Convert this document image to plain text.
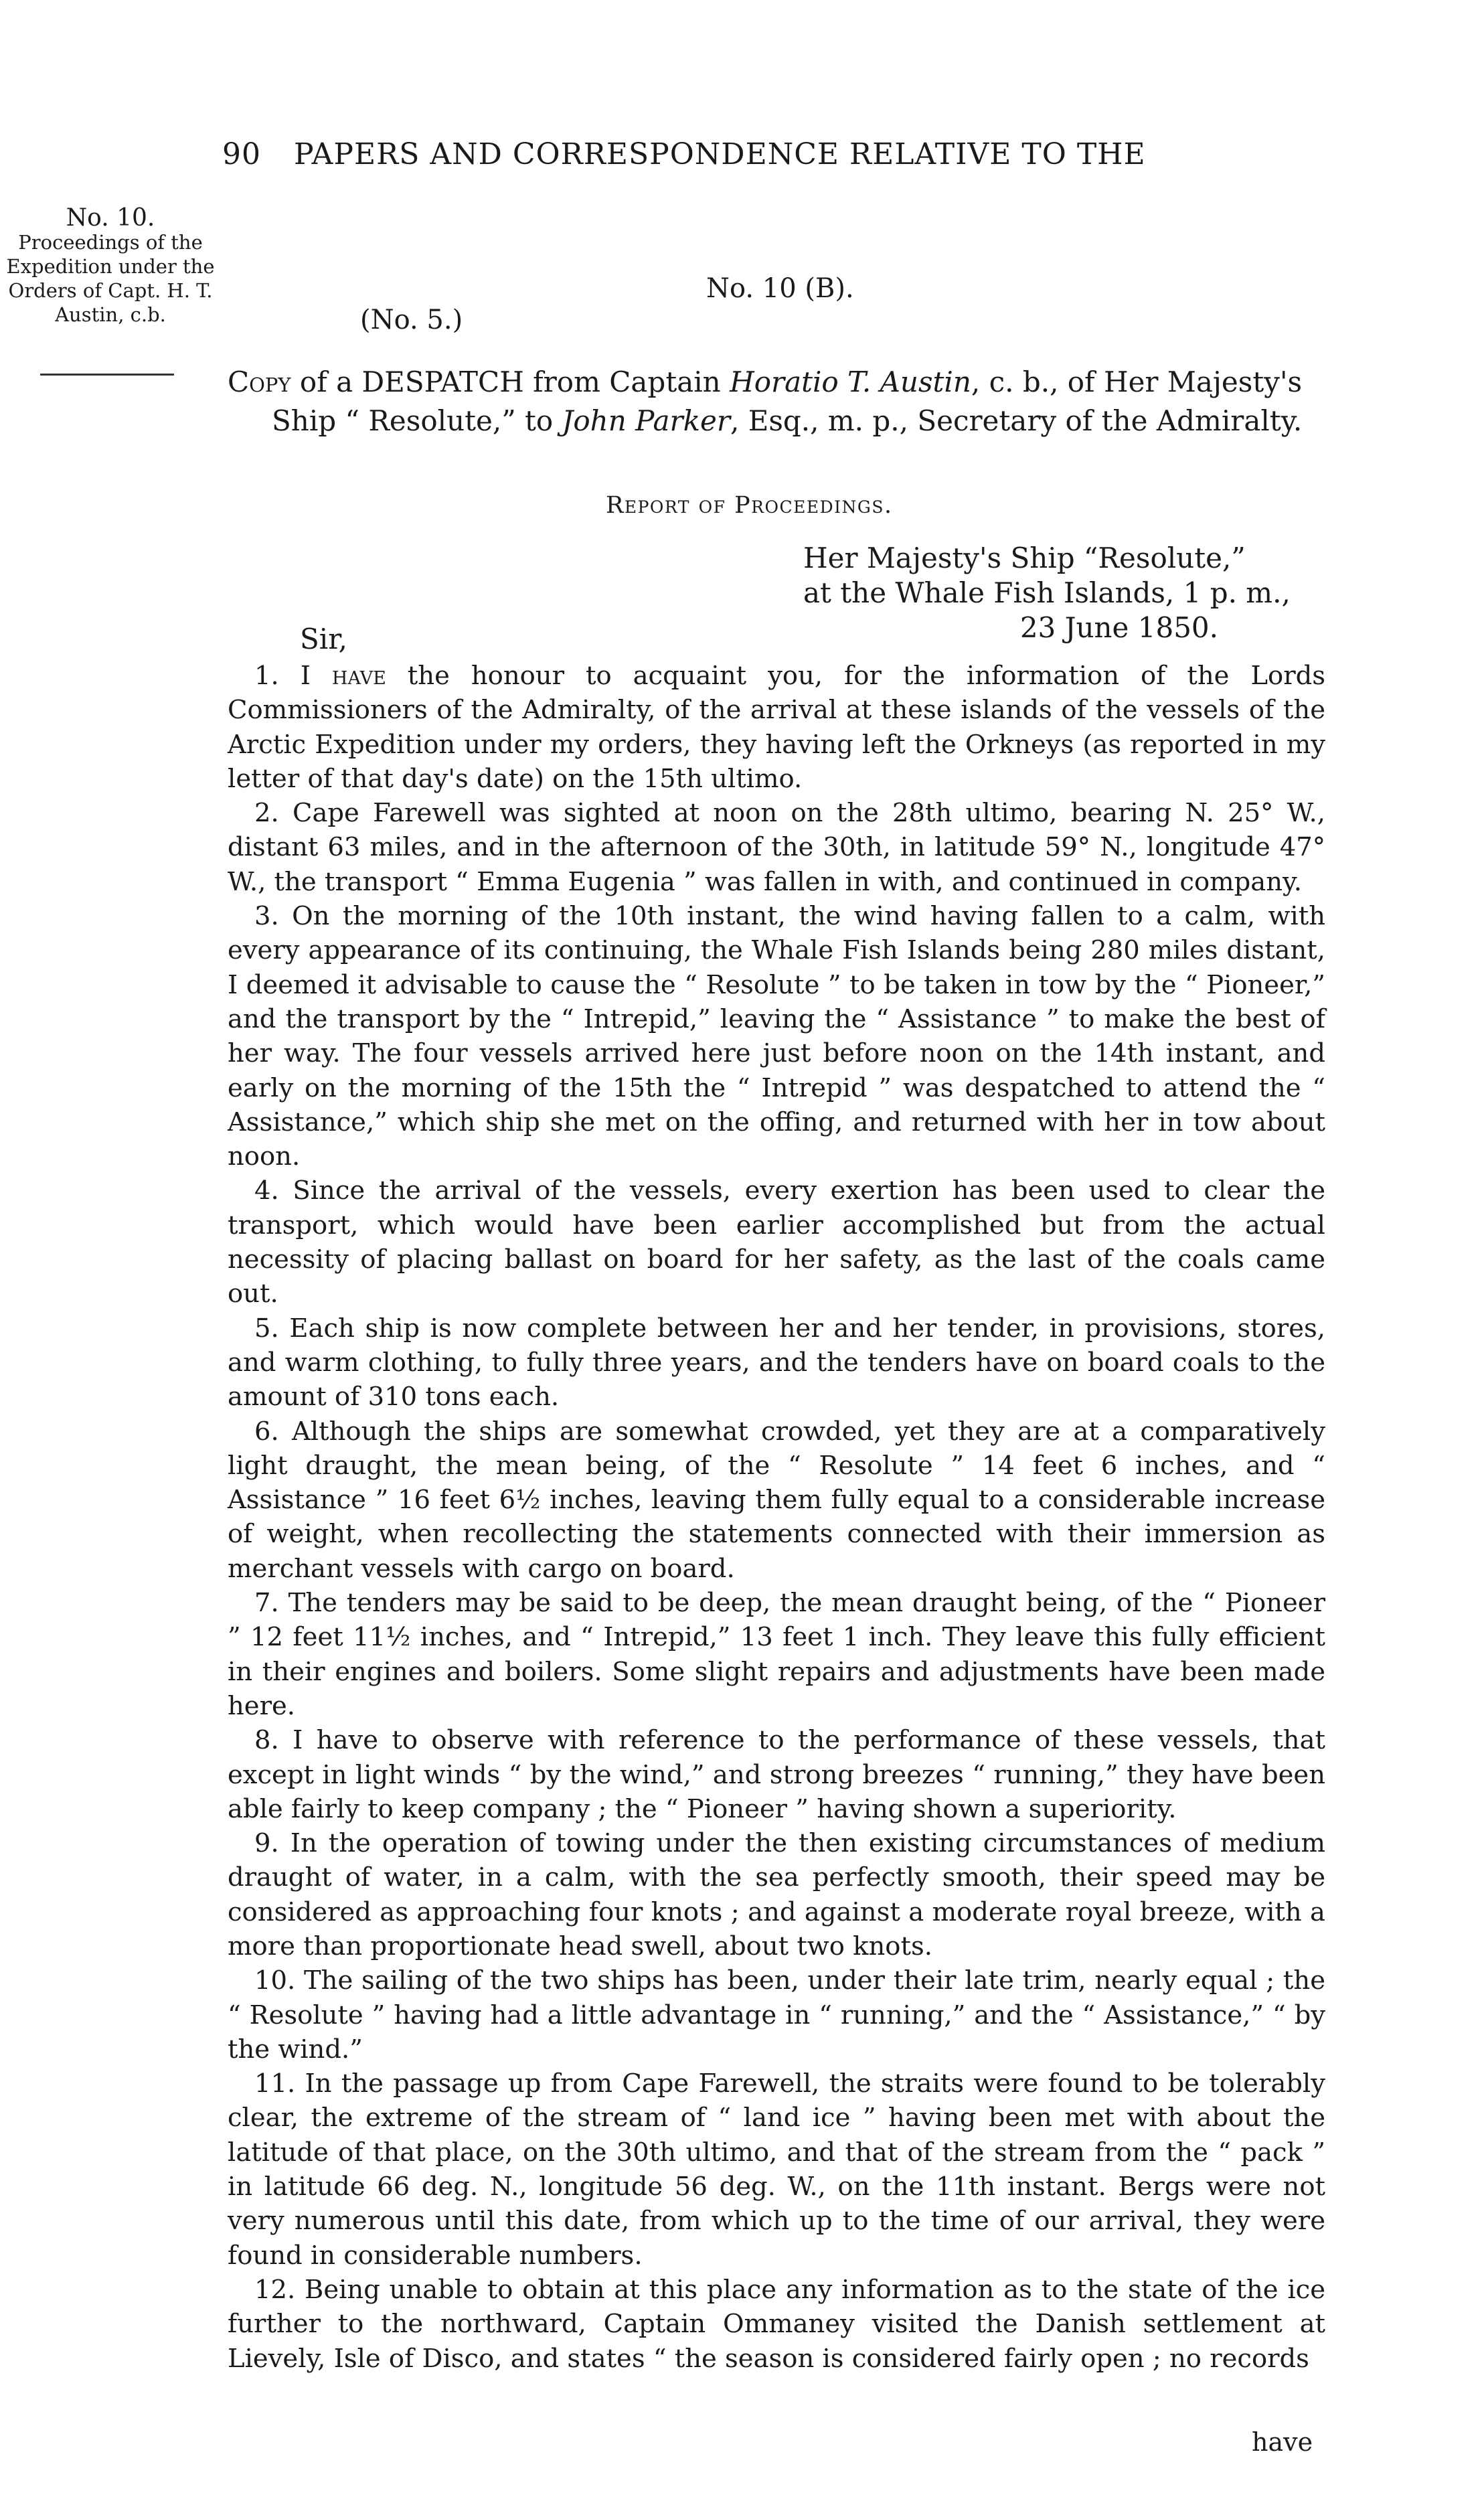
90 PAPERS AND CORRESPONDENCE RELATIVE TO THE
No. 10.
Proceedings of the Expedition under the Orders of Capt. H. T. Austin, c.b.
No. 10 (B).
(No. 5.)
Copy of a DESPATCH from Captain Horatio T. Austin, c. b., of Her Majesty's
Ship “ Resolute,” to John Parker, Esq., m. p., Secretary of the Admiralty.
Report of Proceedings.
Her Majesty's Ship “Resolute,”
at the Whale Fish Islands, 1 p. m.,
23 June 1850.
Sir,

1. I have the honour to acquaint you, for the information of the Lords Commissioners of the Admiralty, of the arrival at these islands of the vessels of the Arctic Expedition under my orders, they having left the Orkneys (as reported in my letter of that day's date) on the 15th ultimo.

2. Cape Farewell was sighted at noon on the 28th ultimo, bearing N. 25° W., distant 63 miles, and in the afternoon of the 30th, in latitude 59° N., longitude 47° W., the transport “ Emma Eugenia ” was fallen in with, and continued in company.

3. On the morning of the 10th instant, the wind having fallen to a calm, with every appearance of its continuing, the Whale Fish Islands being 280 miles distant, I deemed it advisable to cause the “ Resolute ” to be taken in tow by the “ Pioneer,” and the transport by the “ Intrepid,” leaving the “ Assistance ” to make the best of her way. The four vessels arrived here just before noon on the 14th instant, and early on the morning of the 15th the “ Intrepid ” was despatched to attend the “ Assistance,” which ship she met on the offing, and returned with her in tow about noon.

4. Since the arrival of the vessels, every exertion has been used to clear the transport, which would have been earlier accomplished but from the actual necessity of placing ballast on board for her safety, as the last of the coals came out.

5. Each ship is now complete between her and her tender, in provisions, stores, and warm clothing, to fully three years, and the tenders have on board coals to the amount of 310 tons each.

6. Although the ships are somewhat crowded, yet they are at a comparatively light draught, the mean being, of the “ Resolute ” 14 feet 6 inches, and “ Assistance ” 16 feet 6½ inches, leaving them fully equal to a considerable increase of weight, when recollecting the statements connected with their immersion as merchant vessels with cargo on board.

7. The tenders may be said to be deep, the mean draught being, of the “ Pioneer ” 12 feet 11½ inches, and “ Intrepid,” 13 feet 1 inch. They leave this fully efficient in their engines and boilers. Some slight repairs and adjustments have been made here.

8. I have to observe with reference to the performance of these vessels, that except in light winds “ by the wind,” and strong breezes “ running,” they have been able fairly to keep company ; the “ Pioneer ” having shown a superiority.

9. In the operation of towing under the then existing circumstances of medium draught of water, in a calm, with the sea perfectly smooth, their speed may be considered as approaching four knots ; and against a moderate royal breeze, with a more than proportionate head swell, about two knots.

10. The sailing of the two ships has been, under their late trim, nearly equal ; the “ Resolute ” having had a little advantage in “ running,” and the “ Assistance,” “ by the wind.”

11. In the passage up from Cape Farewell, the straits were found to be tolerably clear, the extreme of the stream of “ land ice ” having been met with about the latitude of that place, on the 30th ultimo, and that of the stream from the “ pack ” in latitude 66 deg. N., longitude 56 deg. W., on the 11th instant. Bergs were not very numerous until this date, from which up to the time of our arrival, they were found in considerable numbers.

12. Being unable to obtain at this place any information as to the state of the ice further to the northward, Captain Ommaney visited the Danish settlement at Lievely, Isle of Disco, and states “ the season is considered fairly open ; no records

have
